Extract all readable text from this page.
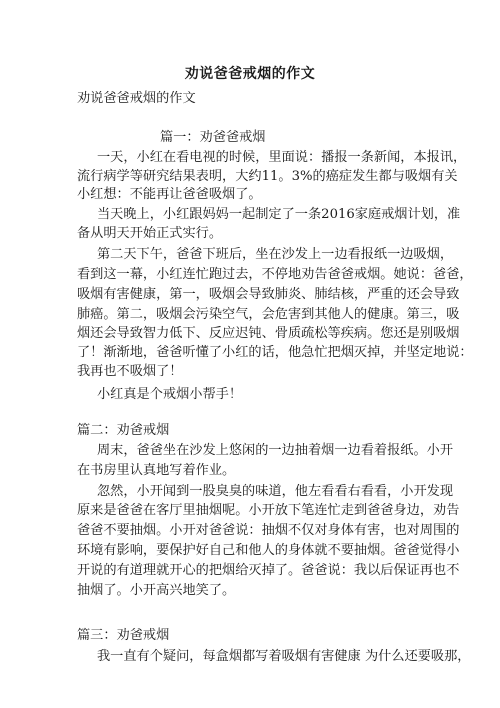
劝说爸爸戒烟的作文
劝说爸爸戒烟的作文
篇一：劝爸爸戒烟
一天，小红在看电视的时候，里面说：播报一条新闻，本报讯，
流行病学等研究结果表明，大约11。3%的癌症发生都与吸烟有关
小红想：不能再让爸爸吸烟了。
当天晚上，小红跟妈妈一起制定了一条2016家庭戒烟计划，准
备从明天开始正式实行。
第二天下午，爸爸下班后，坐在沙发上一边看报纸一边吸烟，
看到这一幕，小红连忙跑过去，不停地劝告爸爸戒烟。她说：爸爸，
吸烟有害健康，第一，吸烟会导致肺炎、肺结核，严重的还会导致
肺癌。第二，吸烟会污染空气，会危害到其他人的健康。第三，吸
烟还会导致智力低下、反应迟钝、骨质疏松等疾病。您还是别吸烟
了！渐渐地，爸爸听懂了小红的话，他急忙把烟灭掉，并坚定地说：
我再也不吸烟了！
小红真是个戒烟小帮手！
篇二：劝爸戒烟
周末，爸爸坐在沙发上悠闲的一边抽着烟一边看着报纸。小开
在书房里认真地写着作业。
忽然，小开闻到一股臭臭的味道，他左看看右看看，小开发现
原来是爸爸在客厅里抽烟呢。小开放下笔连忙走到爸爸身边，劝告
爸爸不要抽烟。小开对爸爸说：抽烟不仅对身体有害，也对周围的
环境有影响，要保护好自己和他人的身体就不要抽烟。爸爸觉得小
开说的有道理就开心的把烟给灭掉了。爸爸说：我以后保证再也不
抽烟了。小开高兴地笑了。
篇三：劝爸戒烟
我一直有个疑问，每盒烟都写着吸烟有害健康 为什么还要吸那，
